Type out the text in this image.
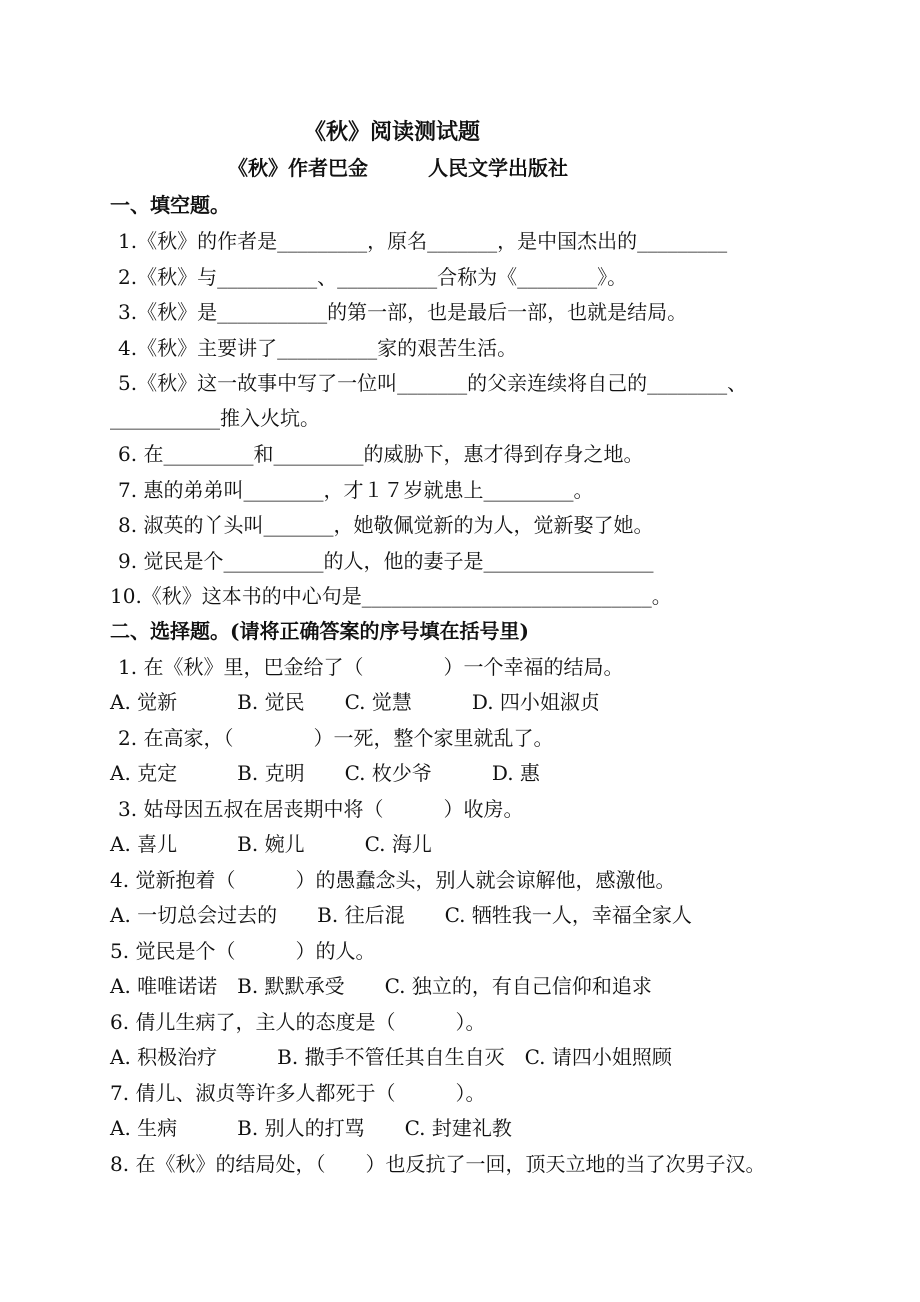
《秋》阅读测试题
《秋》作者巴金　　　人民文学出版社
一、填空题。
1.《秋》的作者是_________，原名_______，是中国杰出的_________
2.《秋》与__________、__________合称为《________》。
3.《秋》是___________的第一部，也是最后一部，也就是结局。
4.《秋》主要讲了__________家的艰苦生活。
5.《秋》这一故事中写了一位叫_______的父亲连续将自己的________、
___________推入火坑。
6. 在_________和_________的威胁下，惠才得到存身之地。
7. 惠的弟弟叫________，才１７岁就患上_________。
8. 淑英的丫头叫_______，她敬佩觉新的为人，觉新娶了她。
9. 觉民是个__________的人，他的妻子是_________________
10.《秋》这本书的中心句是_____________________________。
二、选择题。(请将正确答案的序号填在括号里)
1. 在《秋》里，巴金给了（　　　　）一个幸福的结局。
A. 觉新　　　B. 觉民　　C. 觉慧　　　D. 四小姐淑贞
2. 在高家，（　　　　）一死，整个家里就乱了。
A. 克定　　　B. 克明　　C. 枚少爷　　　D. 惠
3. 姑母因五叔在居丧期中将（　　　）收房。
A. 喜儿　　　B. 婉儿　　　C. 海儿
4. 觉新抱着（　　　）的愚蠢念头，别人就会谅解他，感激他。
A. 一切总会过去的　　B. 往后混　　C. 牺牲我一人，幸福全家人
5. 觉民是个（　　　）的人。
A. 唯唯诺诺　B. 默默承受　　C. 独立的，有自己信仰和追求
6. 倩儿生病了，主人的态度是（　　　）。
A. 积极治疗　　　B. 撒手不管任其自生自灭　C. 请四小姐照顾
7. 倩儿、淑贞等许多人都死于（　　　）。
A. 生病　　　B. 别人的打骂　　C. 封建礼教
8. 在《秋》的结局处，（　　）也反抗了一回，顶天立地的当了次男子汉。
